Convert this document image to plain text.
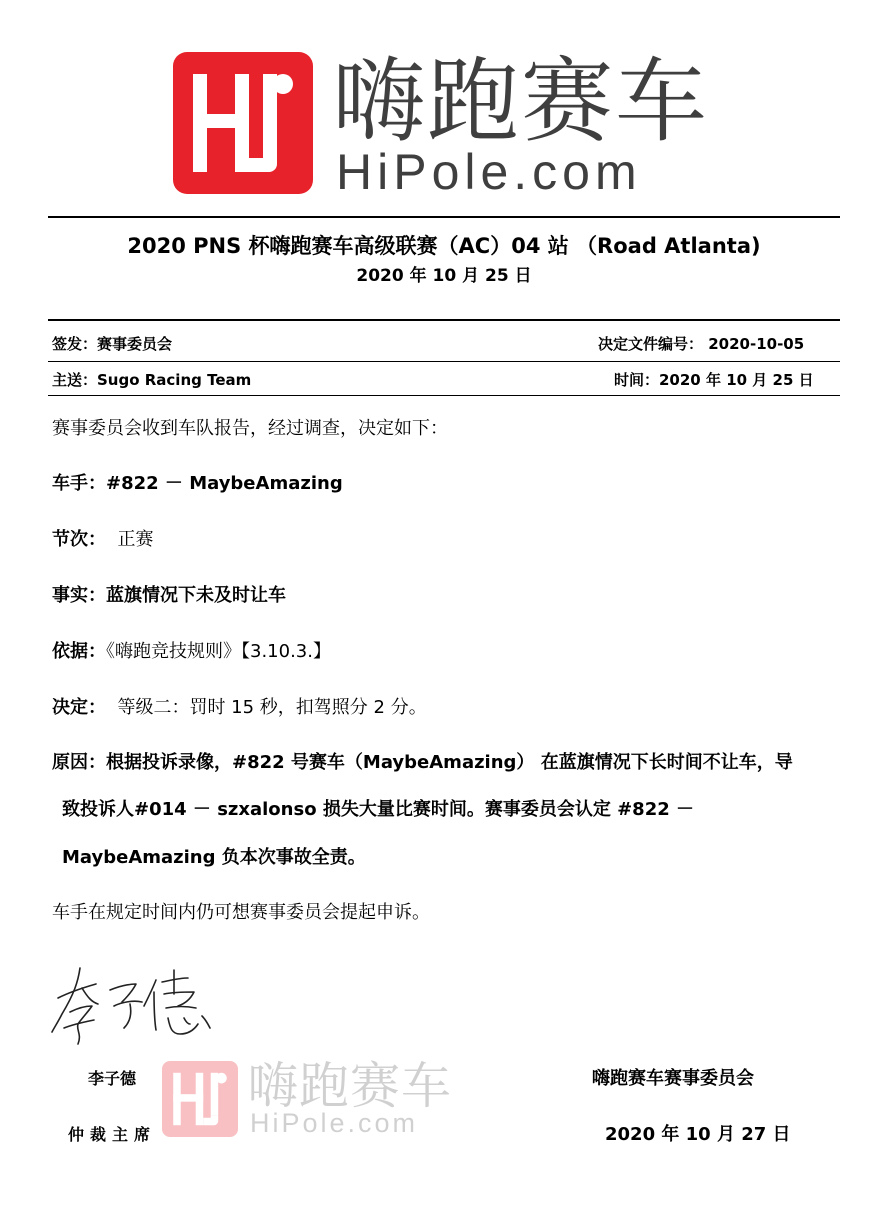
嗨跑赛车
HiPole.com
2020 PNS 杯嗨跑赛车高级联赛（AC）04 站 （Road Atlanta)
2020 年 10 月 25 日
签发：赛事委员会	决定文件编号： 2020-10-05
主送：Sugo Racing Team	时间：2020 年 10 月 25 日
赛事委员会收到车队报告，经过调查，决定如下：
车手：#822 － MaybeAmazing
节次： 正赛
事实：蓝旗情况下未及时让车
依据：《嗨跑竞技规则》【3.10.3.】
决定： 等级二：罚时 15 秒，扣驾照分 2 分。
原因：根据投诉录像，#822 号赛车（MaybeAmazing） 在蓝旗情况下长时间不让车，导
致投诉人#014 － szxalonso 损失大量比赛时间。赛事委员会认定 #822 －
MaybeAmazing 负本次事故全责。
车手在规定时间内仍可想赛事委员会提起申诉。
嗨跑赛车
HiPole.com
李子德
仲裁主席
嗨跑赛车赛事委员会
2020 年 10 月 27 日
